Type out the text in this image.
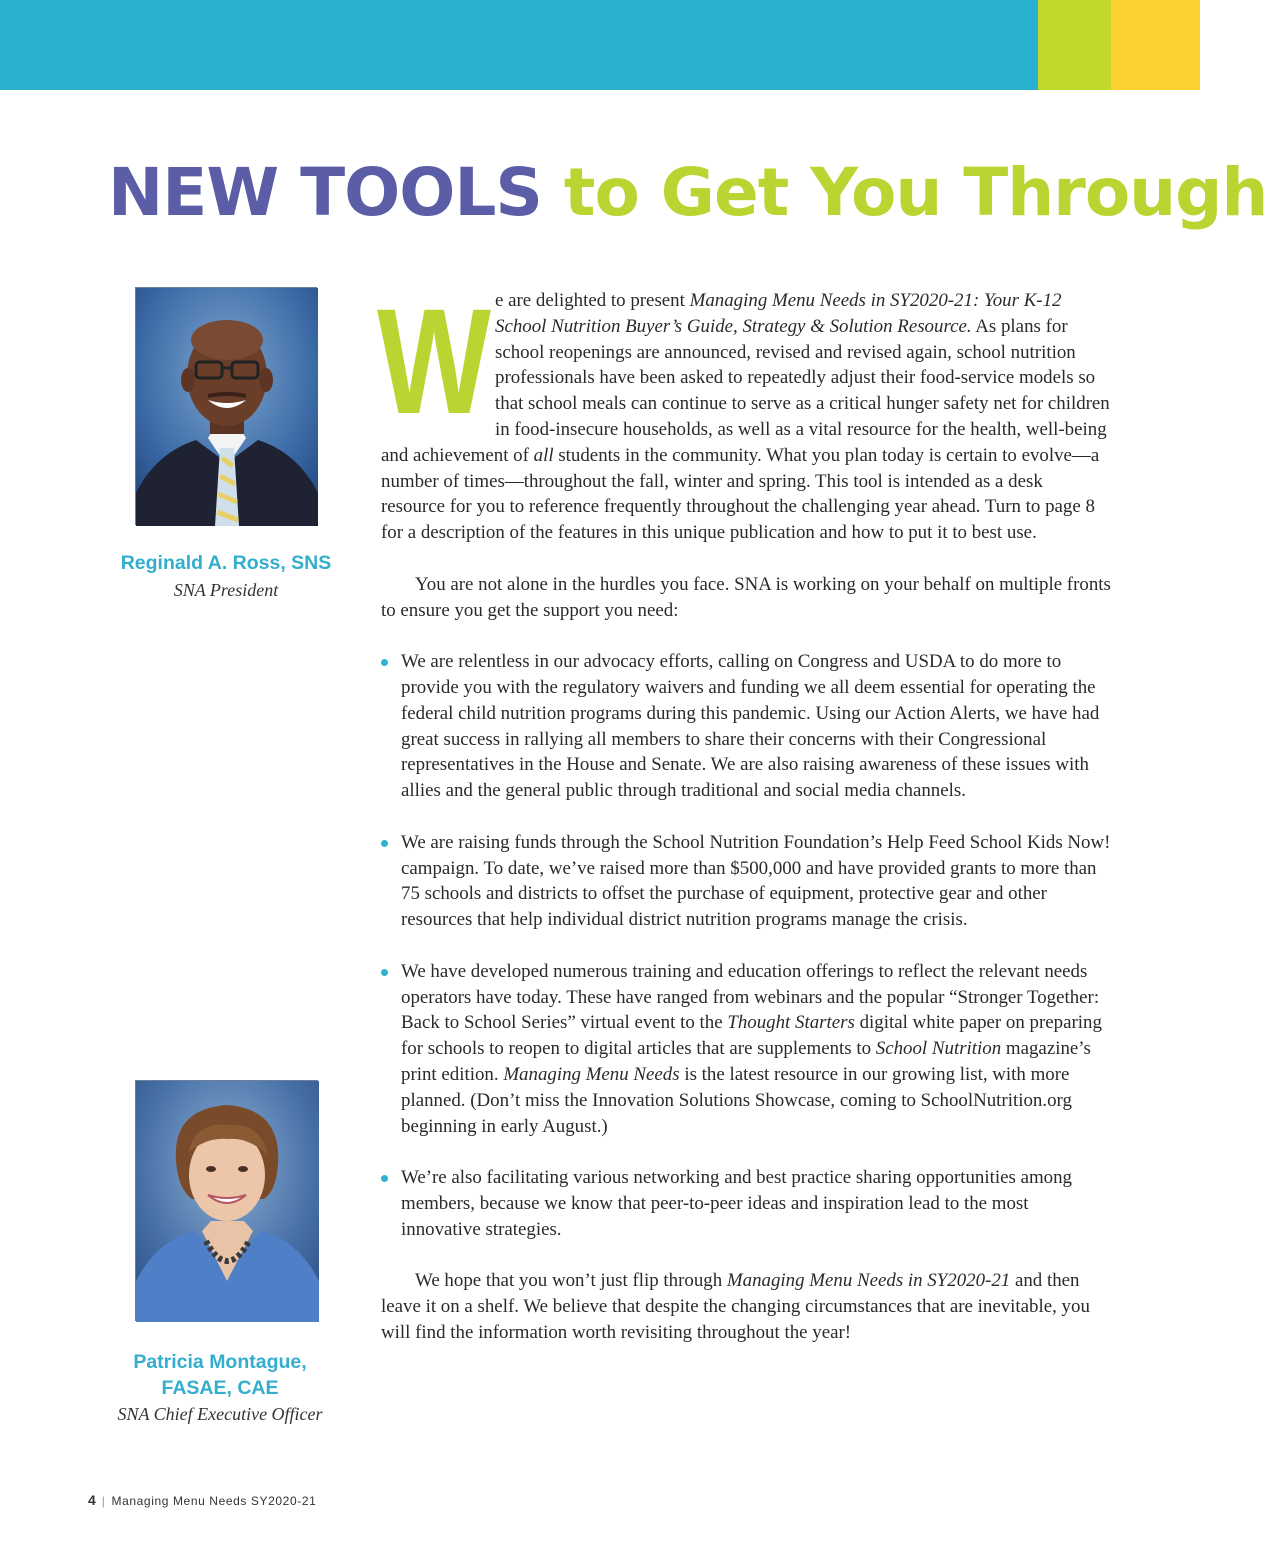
NEW TOOLS to Get You Through

Reginald A. Ross, SNS

SNA President

Patricia Montague,

FASAE, CAE

SNA Chief Executive Officer

W e are delighted to present Managing Menu Needs in SY2020-21: Your K-12 School Nutrition Buyer’s Guide, Strategy & Solution Resource. As plans for school reopenings are announced, revised and revised again, school nutrition professionals have been asked to repeatedly adjust their food-service models so that school meals can continue to serve as a critical hunger safety net for children in food-insecure households, as well as a vital resource for the health, well-being and achievement of all students in the community. What you plan today is certain to evolve—a number of times—throughout the fall, winter and spring. This tool is intended as a desk resource for you to reference frequently throughout the challenging year ahead. Turn to page 8 for a description of the features in this unique publication and how to put it to best use.

You are not alone in the hurdles you face. SNA is working on your behalf on multiple fronts to ensure you get the support you need:

We are relentless in our advocacy efforts, calling on Congress and USDA to do more to provide you with the regulatory waivers and funding we all deem essential for operating the federal child nutrition programs during this pandemic. Using our Action Alerts, we have had great success in rallying all members to share their concerns with their Congressional representatives in the House and Senate. We are also raising awareness of these issues with allies and the general public through traditional and social media channels.
We are raising funds through the School Nutrition Foundation’s Help Feed School Kids Now! campaign. To date, we’ve raised more than $500,000 and have provided grants to more than 75 schools and districts to offset the purchase of equipment, protective gear and other resources that help individual district nutrition programs manage the crisis.
We have developed numerous training and education offerings to reflect the relevant needs operators have today. These have ranged from webinars and the popular “Stronger Together: Back to School Series” virtual event to the Thought Starters digital white paper on preparing for schools to reopen to digital articles that are supplements to School Nutrition magazine’s print edition. Managing Menu Needs is the latest resource in our growing list, with more planned. (Don’t miss the Innovation Solutions Showcase, coming to SchoolNutrition.org beginning in early August.)
We’re also facilitating various networking and best practice sharing opportunities among members, because we know that peer-to-peer ideas and inspiration lead to the most innovative strategies.

We hope that you won’t just flip through Managing Menu Needs in SY2020-21 and then leave it on a shelf. We believe that despite the changing circumstances that are inevitable, you will find the information worth revisiting throughout the year!

4 | Managing Menu Needs SY2020-21
